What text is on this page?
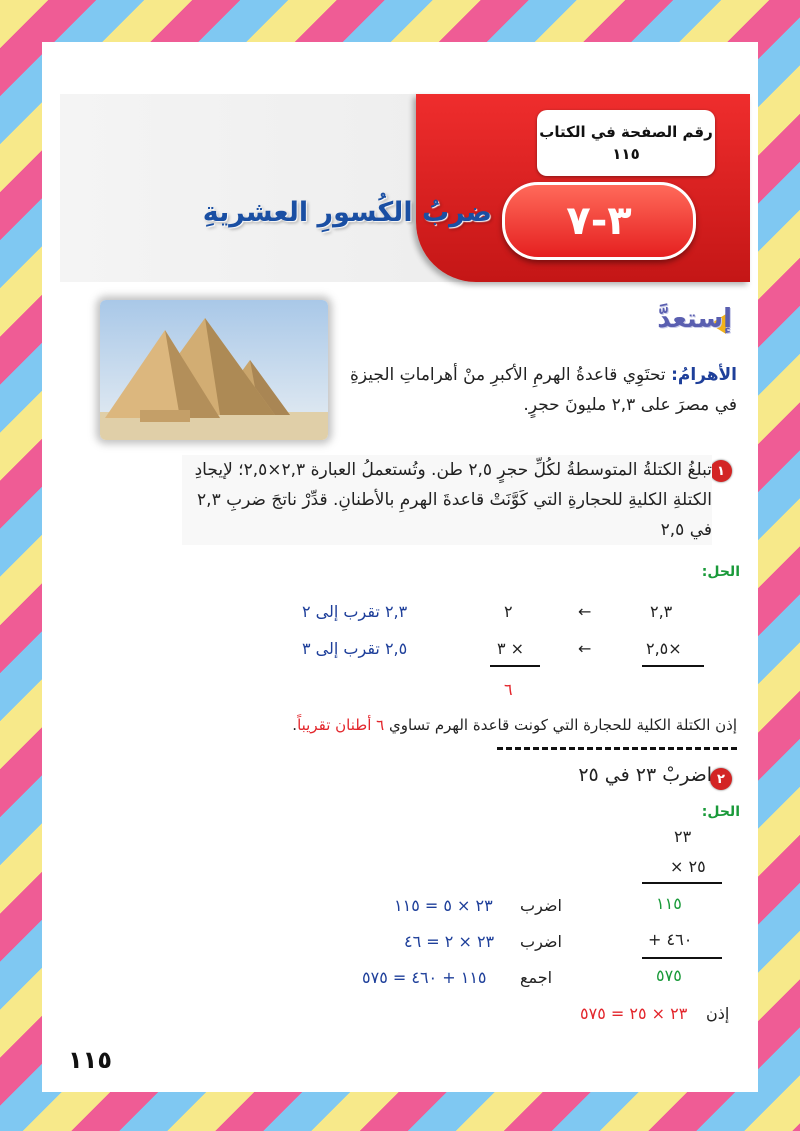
رقم الصفحة في الكتاب
١١٥
٣-٧
ضربُ الكُسورِ العشريةِ
إستعدَّ
الأهرامُ: تحتَوِي قاعدةُ الهرمِ الأكبرِ منْ أهراماتِ الجيزةِ في مصرَ على ٢,٣ مليونَ حجرٍ.
١
تبلغُ الكتلةُ المتوسطةُ لكُلِّ حجرٍ ٢,٥ طن. وتُستعملُ العبارة ٢,٣×٢,٥؛ لإيجادِ الكتلةِ الكليةِ للحجارةِ التي كَوَّنَتْ قاعدةَ الهرمِ بالأطنانِ. قدِّرْ ناتجَ ضربِ ٢,٣ في ٢,٥
الحل:
٢,٣
←
٢
٢,٣ تقرب إلى ٢
×٢,٥
←
× ٣
٢,٥ تقرب إلى ٣
٦
إذن الكتلة الكلية للحجارة التي كونت قاعدة الهرم تساوي ٦ أطنان تقريباً.
٢
اضربْ ٢٣ في ٢٥
الحل:
٢٣
٢٥ ×
١١٥
٤٦٠ +
٥٧٥
اضرب
٢٣ × ٥ = ١١٥
اضرب
٢٣ × ٢ = ٤٦
اجمع
١١٥ + ٤٦٠ = ٥٧٥
إذن
٢٣ × ٢٥ = ٥٧٥
١١٥
